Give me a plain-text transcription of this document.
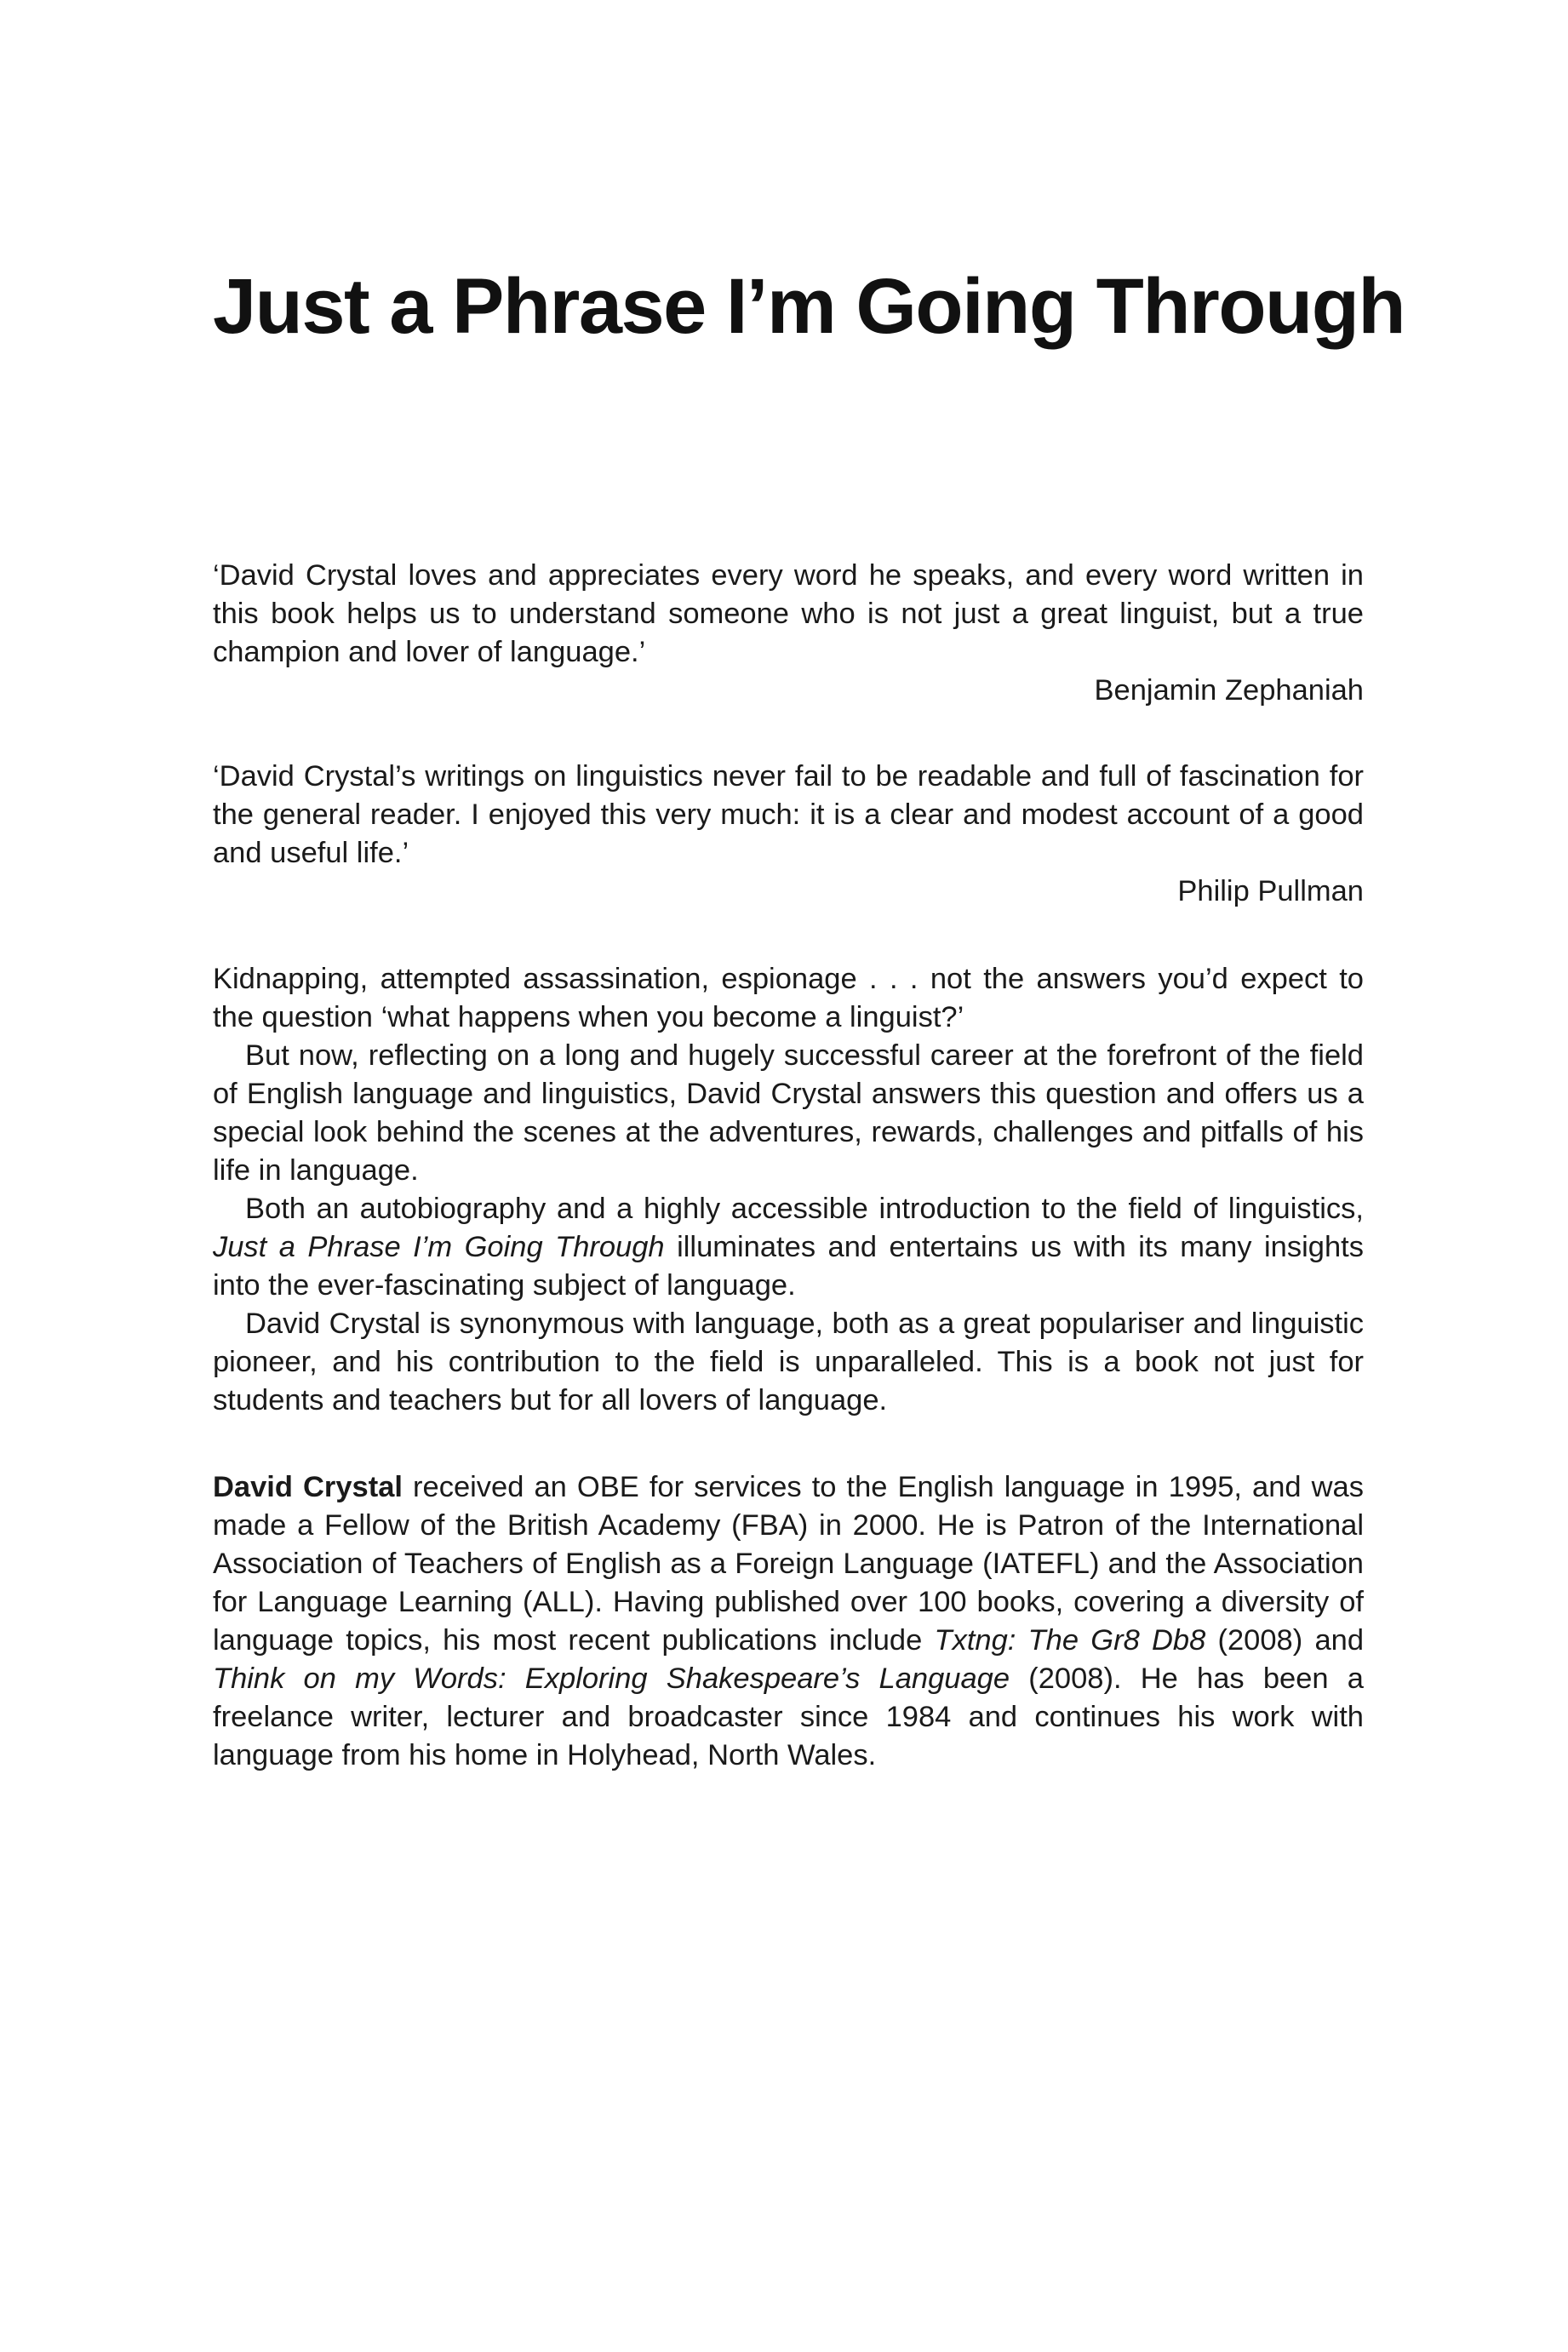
Just a Phrase I’m Going Through

‘David Crystal loves and appreciates every word he speaks, and every word written in this book helps us to understand someone who is not just a great linguist, but a true champion and lover of language.’

Benjamin Zephaniah

‘David Crystal’s writings on linguistics never fail to be readable and full of fascination for the general reader. I enjoyed this very much: it is a clear and modest account of a good and useful life.’

Philip Pullman

Kidnapping, attempted assassination, espionage . . . not the answers you’d expect to the question ‘what happens when you become a linguist?’

But now, reflecting on a long and hugely successful career at the forefront of the field of English language and linguistics, David Crystal answers this question and offers us a special look behind the scenes at the adventures, rewards, challenges and pitfalls of his life in language.

Both an autobiography and a highly accessible introduction to the field of linguistics, Just a Phrase I’m Going Through illuminates and entertains us with its many insights into the ever-fascinating subject of language.

David Crystal is synonymous with language, both as a great populariser and linguistic pioneer, and his contribution to the field is unparalleled. This is a book not just for students and teachers but for all lovers of language.

David Crystal received an OBE for services to the English language in 1995, and was made a Fellow of the British Academy (FBA) in 2000. He is Patron of the International Association of Teachers of English as a Foreign Language (IATEFL) and the Association for Language Learning (ALL). Having published over 100 books, covering a diversity of language topics, his most recent publications include Txtng: The Gr8 Db8 (2008) and Think on my Words: Exploring Shakespeare’s Language (2008). He has been a freelance writer, lecturer and broadcaster since 1984 and continues his work with language from his home in Holyhead, North Wales.
